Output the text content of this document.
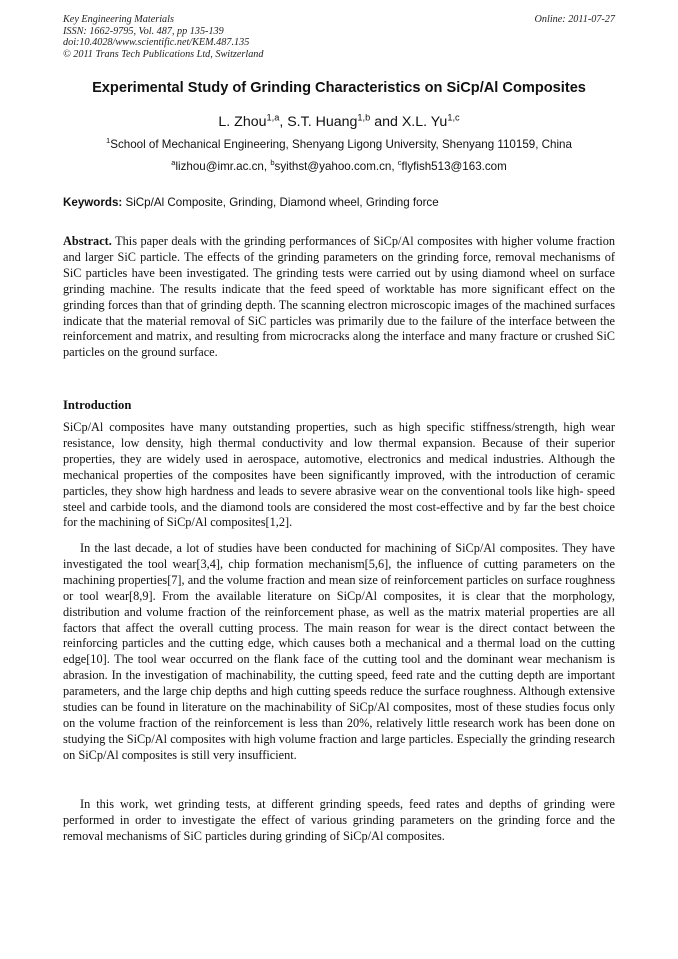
Key Engineering Materials
ISSN: 1662-9795, Vol. 487, pp 135-139
doi:10.4028/www.scientific.net/KEM.487.135
© 2011 Trans Tech Publications Ltd, Switzerland
Online: 2011-07-27
Experimental Study of Grinding Characteristics on SiCp/Al Composites
L. Zhou$^{1,a}$, S.T. Huang$^{1,b}$ and X.L. Yu$^{1,c}$
$^1$School of Mechanical Engineering, Shenyang Ligong University, Shenyang 110159, China
$^a$lizhou@imr.ac.cn, $^b$syithst@yahoo.com.cn, $^c$flyfish513@163.com
Keywords: SiCp/Al Composite, Grinding, Diamond wheel, Grinding force
Abstract. This paper deals with the grinding performances of SiCp/Al composites with higher volume fraction and larger SiC particle. The effects of the grinding parameters on the grinding force, removal mechanisms of SiC particles have been investigated. The grinding tests were carried out by using diamond wheel on surface grinding machine. The results indicate that the feed speed of worktable has more significant effect on the grinding forces than that of grinding depth. The scanning electron microscopic images of the machined surfaces indicate that the material removal of SiC particles was primarily due to the failure of the interface between the reinforcement and matrix, and resulting from microcracks along the interface and many fracture or crushed SiC particles on the ground surface.
Introduction
SiCp/Al composites have many outstanding properties, such as high specific stiffness/strength, high wear resistance, low density, high thermal conductivity and low thermal expansion. Because of their superior properties, they are widely used in aerospace, automotive, electronics and medical industries. Although the mechanical properties of the composites have been significantly improved, with the introduction of ceramic particles, they show high hardness and leads to severe abrasive wear on the conventional tools like high- speed steel and carbide tools, and the diamond tools are considered the most cost-effective and by far the best choice for the machining of SiCp/Al composites[1,2].
In the last decade, a lot of studies have been conducted for machining of SiCp/Al composites. They have investigated the tool wear[3,4], chip formation mechanism[5,6], the influence of cutting parameters on the machining properties[7], and the volume fraction and mean size of reinforcement particles on surface roughness or tool wear[8,9]. From the available literature on SiCp/Al composites, it is clear that the morphology, distribution and volume fraction of the reinforcement phase, as well as the matrix material properties are all factors that affect the overall cutting process. The main reason for wear is the direct contact between the reinforcing particles and the cutting edge, which causes both a mechanical and a thermal load on the cutting edge[10]. The tool wear occurred on the flank face of the cutting tool and the dominant wear mechanism is abrasion. In the investigation of machinability, the cutting speed, feed rate and the cutting depth are important parameters, and the large chip depths and high cutting speeds reduce the surface roughness. Although extensive studies can be found in literature on the machinability of SiCp/Al composites, most of these studies focus only on the volume fraction of the reinforcement is less than 20%, relatively little research work has been done on studying the SiCp/Al composites with high volume fraction and large particles. Especially the grinding research on SiCp/Al composites is still very insufficient.
In this work, wet grinding tests, at different grinding speeds, feed rates and depths of grinding were performed in order to investigate the effect of various grinding parameters on the grinding force and the removal mechanisms of SiC particles during grinding of SiCp/Al composites.
